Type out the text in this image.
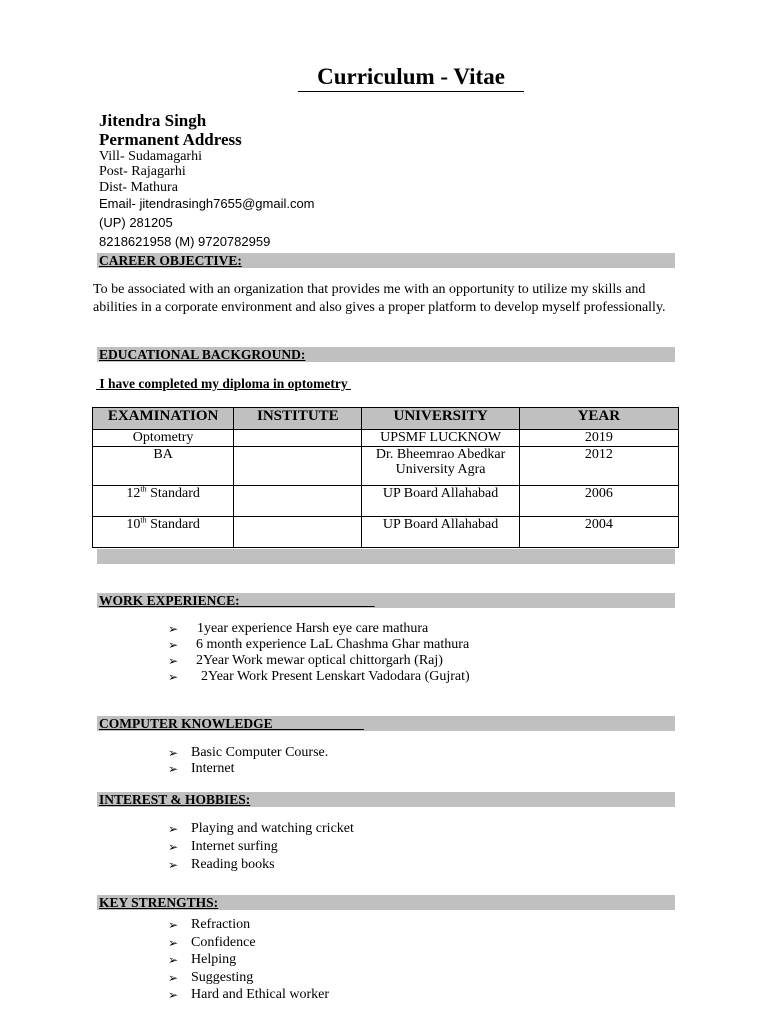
Curriculum - Vitae
Jitendra Singh
Permanent Address
Vill- Sudamagarhi
Post- Rajagarhi
Dist- Mathura
Email- jitendrasingh7655@gmail.com
(UP) 281205
8218621958 (M) 9720782959
CAREER OBJECTIVE:
To be associated with an organization that provides me with an opportunity to utilize my skills and abilities in a corporate environment and also gives a proper platform to develop myself professionally.
EDUCATIONAL BACKGROUND:
I have completed my diploma in optometry
EXAMINATION	INSTITUTE	UNIVERSITY	YEAR
Optometry		UPSMF LUCKNOW	2019
BA		Dr. Bheemrao Abedkar University Agra	2012
12th Standard		UP Board Allahabad	2006
10th Standard		UP Board Allahabad	2004
WORK EXPERIENCE:
➢ 1year experience Harsh eye care mathura
➢ 6 month experience LaL Chashma Ghar mathura
➢ 2Year Work mewar optical chittorgarh (Raj)
➢ 2Year Work Present Lenskart Vadodara (Gujrat)
COMPUTER KNOWLEDGE     ___________
➢ Basic Computer Course.
➢ Internet
INTEREST & HOBBIES:
➢ Playing and watching cricket
➢ Internet surfing
➢ Reading books
KEY STRENGTHS:
➢ Refraction
➢ Confidence
➢ Helping
➢ Suggesting
➢ Hard and Ethical worker
